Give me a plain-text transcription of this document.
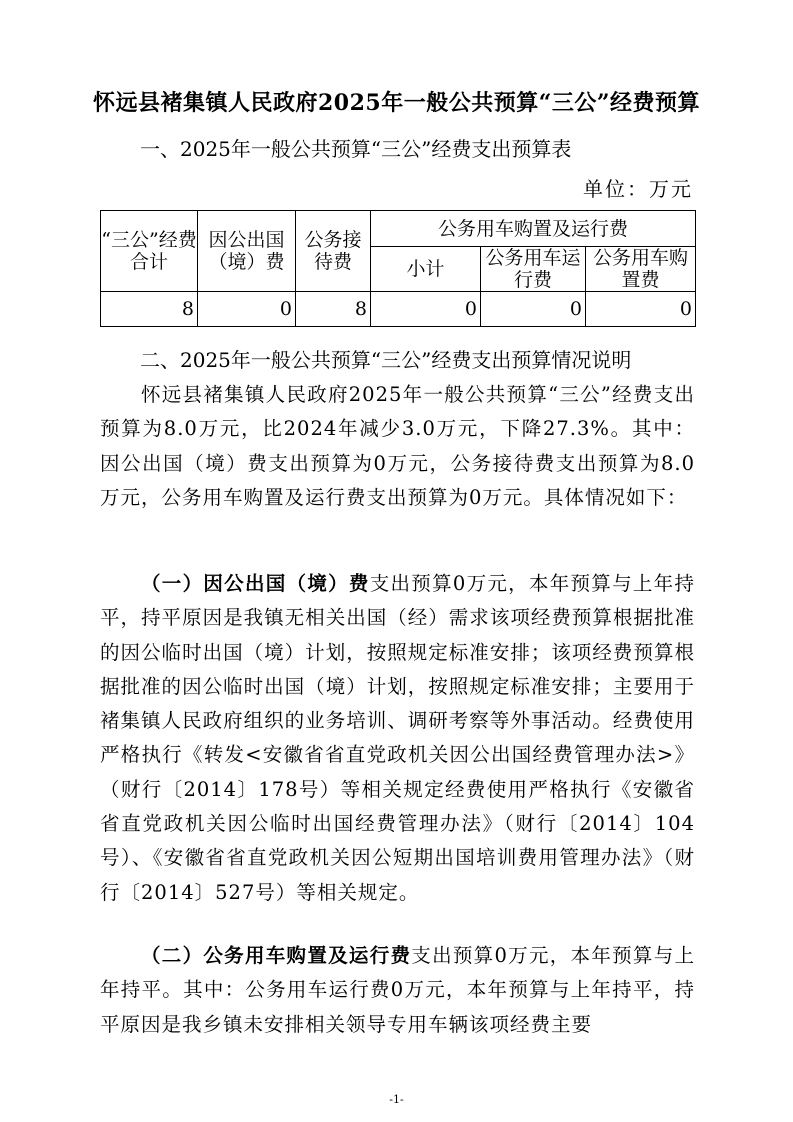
怀远县褚集镇人民政府2025年一般公共预算“三公”经费预算
一、2025年一般公共预算“三公”经费支出预算表
单位：万元
“三公”经费合计	因公出国（境）费	公务接待费	公务用车购置及运行费		
			小计	公务用车运行费	公务用车购置费
8	0	8	0	0	0
二、2025年一般公共预算“三公”经费支出预算情况说明
怀远县褚集镇人民政府2025年一般公共预算“三公”经费支出预算为8.0万元，比2024年减少3.0万元，下降27.3%。其中：因公出国（境）费支出预算为0万元，公务接待费支出预算为8.0万元，公务用车购置及运行费支出预算为0万元。具体情况如下：
（一）因公出国（境）费支出预算0万元，本年预算与上年持平，持平原因是我镇无相关出国（经）需求该项经费预算根据批准的因公临时出国（境）计划，按照规定标准安排；该项经费预算根据批准的因公临时出国（境）计划，按照规定标准安排；主要用于褚集镇人民政府组织的业务培训、调研考察等外事活动。经费使用严格执行《转发<安徽省省直党政机关因公出国经费管理办法>》（财行〔2014〕178号）等相关规定经费使用严格执行《安徽省省直党政机关因公临时出国经费管理办法》（财行〔2014〕104号）、《安徽省省直党政机关因公短期出国培训费用管理办法》（财行〔2014〕527号）等相关规定。
（二）公务用车购置及运行费支出预算0万元，本年预算与上年持平。其中：公务用车运行费0万元，本年预算与上年持平，持平原因是我乡镇未安排相关领导专用车辆该项经费主要
-1-
